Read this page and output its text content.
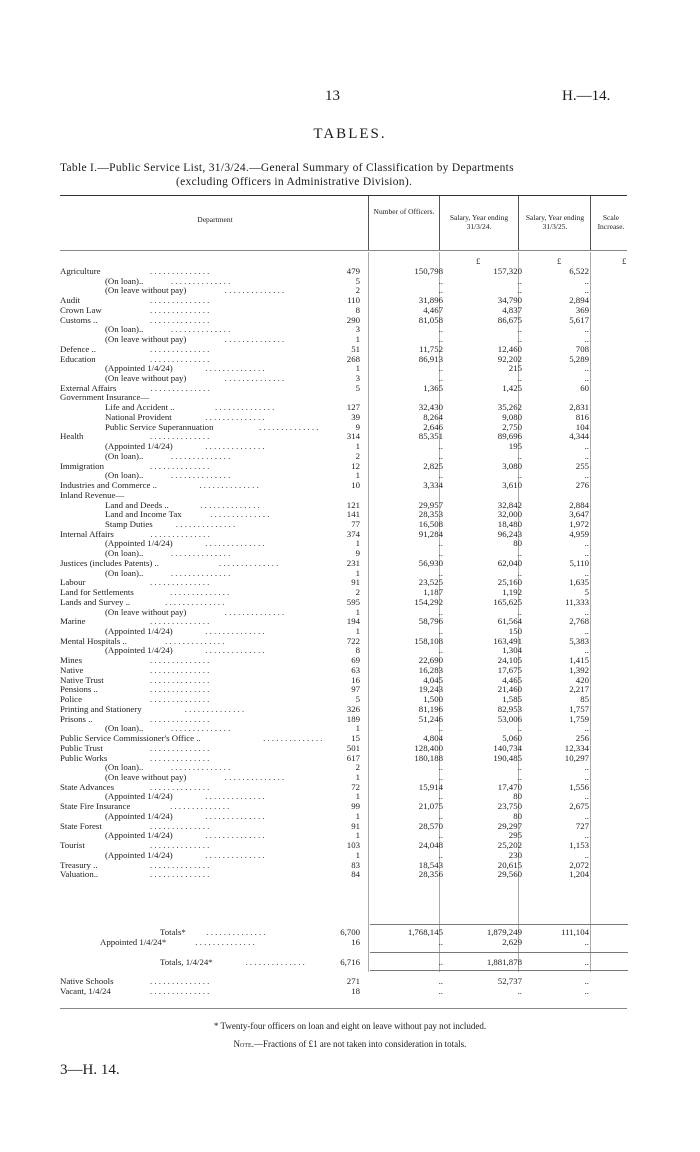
13	H.—14.
TABLES.
Table I.—Public Service List, 31/3/24.—General Summary of Classification by Departments
(excluding Officers in Administrative Division).
Department
Number of Officers.
Salary, Year ending 31/3/24.
Salary, Year ending 31/3/25.
Scale Increase.
£	£	£
Agriculture	479	150,798	157,320	6,522
. . . . . . . . . . . . . .
(On loan)..	5	..	..	..
. . . . . . . . . . . . . .
(On leave without pay)	2	..	..	..
. . . . . . . . . . . . . .
Audit	110	31,896	34,790	2,894
. . . . . . . . . . . . . .
Crown Law	8	4,467	4,837	369
. . . . . . . . . . . . . .
Customs ..	290	81,058	86,675	5,617
. . . . . . . . . . . . . .
(On loan)..	3	..	..	..
. . . . . . . . . . . . . .
(On leave without pay)	1	..	..	..
. . . . . . . . . . . . . .
Defence ..	51	11,752	12,460	708
. . . . . . . . . . . . . .
Education	268	86,913	92,202	5,289
. . . . . . . . . . . . . .
(Appointed 1/4/24)	1	..	215	..
. . . . . . . . . . . . . .
(On leave without pay)	3	..	..	..
. . . . . . . . . . . . . .
External Affairs	5	1,365	1,425	60
. . . . . . . . . . . . . .
Government Insurance—
Life and Accident ..	127	32,430	35,262	2,831
. . . . . . . . . . . . . .
National Provident	39	8,264	9,080	816
. . . . . . . . . . . . . .
Public Service Superannuation	9	2,646	2,750	104
. . . . . . . . . . . . . .
Health	314	85,351	89,696	4,344
. . . . . . . . . . . . . .
(Appointed 1/4/24)	1	..	195	..
. . . . . . . . . . . . . .
(On loan)..	2	..	..	..
. . . . . . . . . . . . . .
Immigration	12	2,825	3,080	255
. . . . . . . . . . . . . .
(On loan)..	1	..	..	..
. . . . . . . . . . . . . .
Industries and Commerce ..	10	3,334	3,610	276
. . . . . . . . . . . . . .
Inland Revenue—
Land and Deeds ..	121	29,957	32,842	2,884
. . . . . . . . . . . . . .
Land and Income Tax	141	28,353	32,000	3,647
. . . . . . . . . . . . . .
Stamp Duties	77	16,508	18,480	1,972
. . . . . . . . . . . . . .
Internal Affairs	374	91,284	96,243	4,959
. . . . . . . . . . . . . .
(Appointed 1/4/24)	1	..	80	..
. . . . . . . . . . . . . .
(On loan)..	9	..	..	..
. . . . . . . . . . . . . .
Justices (includes Patents) ..	231	56,930	62,040	5,110
. . . . . . . . . . . . . .
(On loan)..	1	..	..	..
. . . . . . . . . . . . . .
Labour	91	23,525	25,160	1,635
. . . . . . . . . . . . . .
Land for Settlements	2	1,187	1,192	5
. . . . . . . . . . . . . .
Lands and Survey ..	595	154,292	165,625	11,333
. . . . . . . . . . . . . .
(On leave without pay)	1	..	..	..
. . . . . . . . . . . . . .
Marine	194	58,796	61,564	2,768
. . . . . . . . . . . . . .
(Appointed 1/4/24)	1	..	150	..
. . . . . . . . . . . . . .
Mental Hospitals ..	722	158,108	163,491	5,383
. . . . . . . . . . . . . .
(Appointed 1/4/24)	8	..	1,304	..
. . . . . . . . . . . . . .
Mines	69	22,690	24,105	1,415
. . . . . . . . . . . . . .
Native	63	16,283	17,675	1,392
. . . . . . . . . . . . . .
Native Trust	16	4,045	4,465	420
. . . . . . . . . . . . . .
Pensions ..	97	19,243	21,460	2,217
. . . . . . . . . . . . . .
Police	5	1,500	1,585	85
. . . . . . . . . . . . . .
Printing and Stationery	326	81,196	82,953	1,757
. . . . . . . . . . . . . .
Prisons ..	189	51,246	53,006	1,759
. . . . . . . . . . . . . .
(On loan)..	1	..	..	..
. . . . . . . . . . . . . .
Public Service Commissioner's Office ..	15	4,804	5,060	256
. . . . . . . . . . . . . .
Public Trust	501	128,400	140,734	12,334
. . . . . . . . . . . . . .
Public Works	617	180,188	190,485	10,297
. . . . . . . . . . . . . .
(On loan)..	2	..	..	..
. . . . . . . . . . . . . .
(On leave without pay)	1	..	..	..
. . . . . . . . . . . . . .
State Advances	72	15,914	17,470	1,556
. . . . . . . . . . . . . .
(Appointed 1/4/24)	1	..	80	..
. . . . . . . . . . . . . .
State Fire Insurance	99	21,075	23,750	2,675
. . . . . . . . . . . . . .
(Appointed 1/4/24)	1	..	80	..
. . . . . . . . . . . . . .
State Forest	91	28,570	29,297	727
. . . . . . . . . . . . . .
(Appointed 1/4/24)	1	..	295	..
. . . . . . . . . . . . . .
Tourist	103	24,048	25,202	1,153
. . . . . . . . . . . . . .
(Appointed 1/4/24)	1	..	230	..
. . . . . . . . . . . . . .
Treasury ..	83	18,543	20,615	2,072
. . . . . . . . . . . . . .
Valuation..	84	28,356	29,560	1,204
. . . . . . . . . . . . . .
Totals*	6,700	1,768,145	1,879,249	111,104
. . . . . . . . . . . . . .
Appointed 1/4/24*	16	..	2,629	..
. . . . . . . . . . . . . .
Totals, 1/4/24*	6,716	..	1,881,878	..
. . . . . . . . . . . . . .
Native Schools	271	..	52,737	..
. . . . . . . . . . . . . .
Vacant, 1/4/24	18	..	..	..
. . . . . . . . . . . . . .
* Twenty-four officers on loan and eight on leave without pay not included.
Note.—Fractions of £1 are not taken into consideration in totals.
3—H. 14.
